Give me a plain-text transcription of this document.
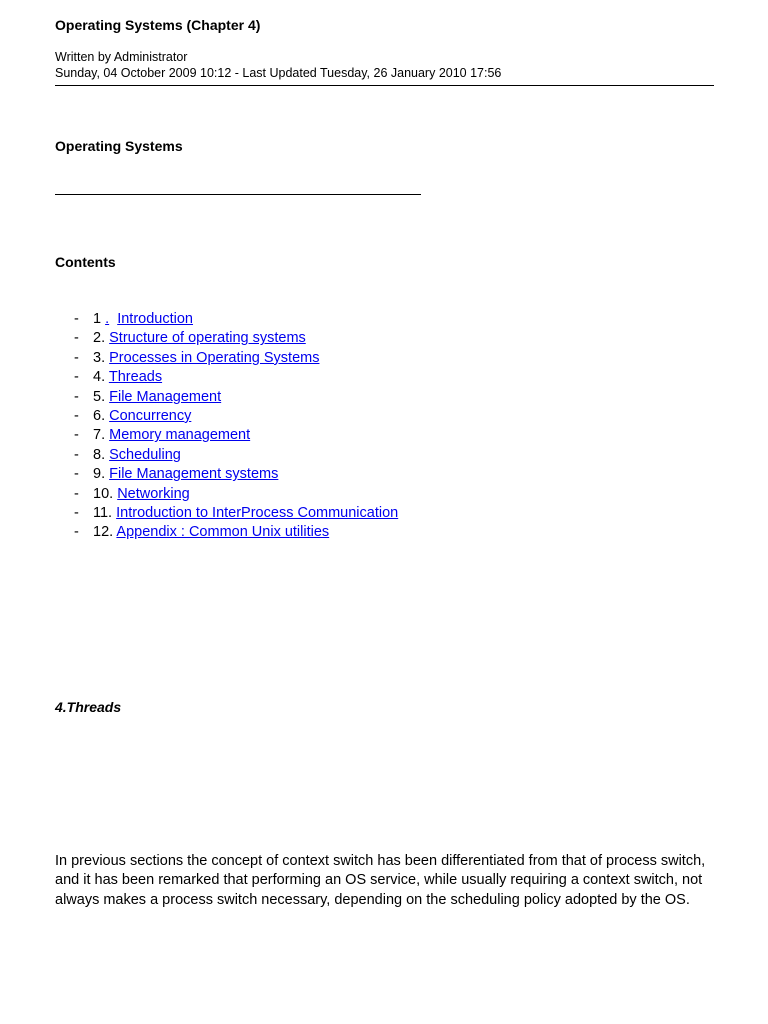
Operating Systems (Chapter 4)
Written by Administrator
Sunday, 04 October 2009 10:12 - Last Updated Tuesday, 26 January 2010 17:56
Operating Systems
Contents
- 1 . Introduction
- 2. Structure of operating systems
- 3. Processes in Operating Systems
- 4. Threads
- 5. File Management
- 6. Concurrency
- 7. Memory management
- 8. Scheduling
- 9. File Management systems
- 10. Networking
- 11. Introduction to InterProcess Communication
- 12. Appendix : Common Unix utilities
4.Threads

In previous sections the concept of context switch has been differentiated from that of process switch, and it has been remarked that performing an OS service, while usually requiring a context switch, not always makes a process switch necessary, depending on the scheduling policy adopted by the OS.
